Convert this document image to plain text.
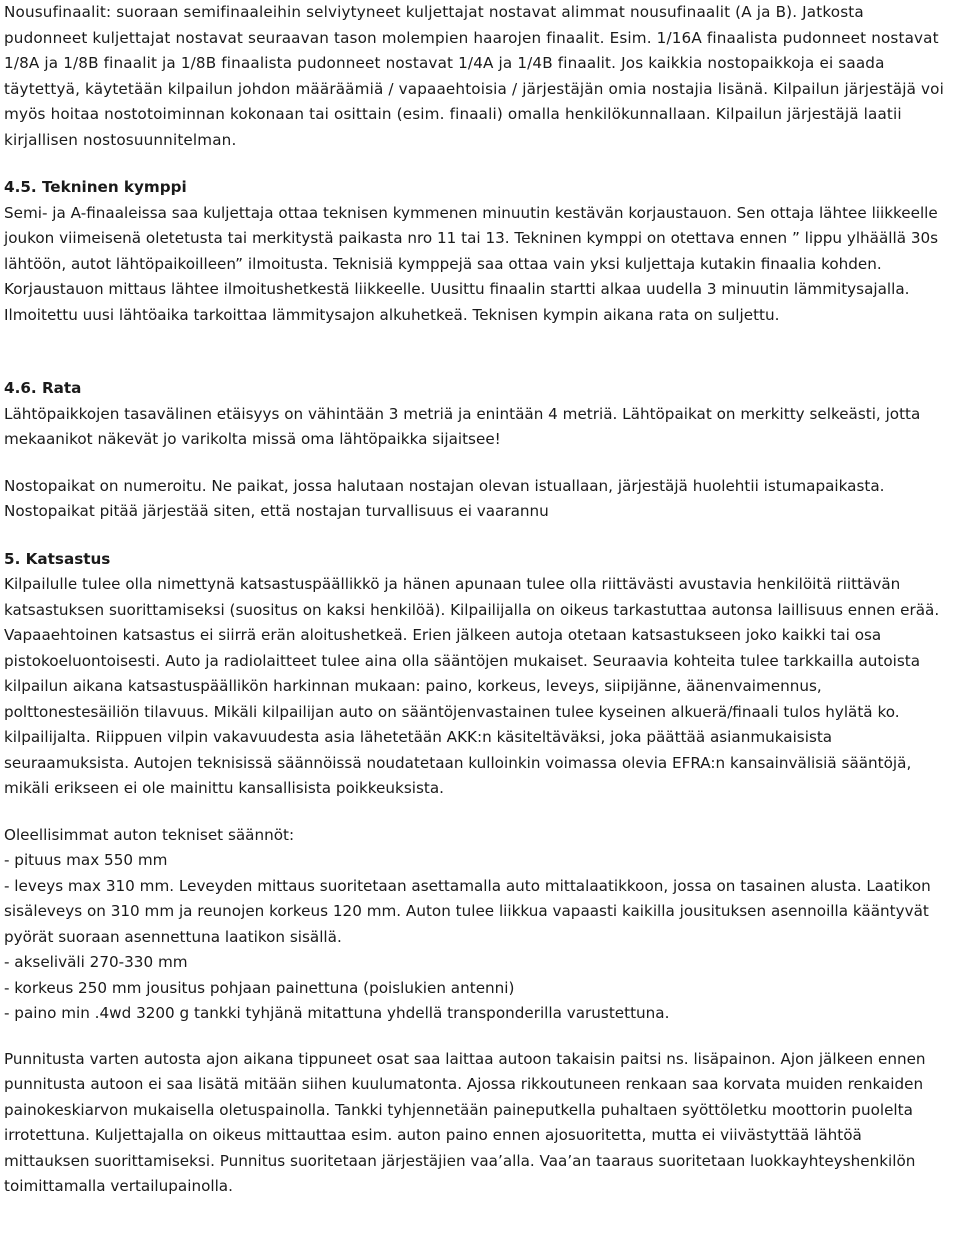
Nousufinaalit: suoraan semifinaaleihin selviytyneet kuljettajat nostavat alimmat nousufinaalit (A ja B). Jatkosta pudonneet kuljettajat nostavat seuraavan tason molempien haarojen finaalit. Esim. 1/16A finaalista pudonneet nostavat 1/8A ja 1/8B finaalit ja 1/8B finaalista pudonneet nostavat 1/4A ja 1/4B finaalit. Jos kaikkia nostopaikkoja ei saada täytettyä, käytetään kilpailun johdon määräämiä / vapaaehtoisia / järjestäjän omia nostajia lisänä. Kilpailun järjestäjä voi myös hoitaa nostotoiminnan kokonaan tai osittain (esim. finaali) omalla henkilökunnallaan. Kilpailun järjestäjä laatii kirjallisen nostosuunnitelman.

4.5. Tekninen kymppi

Semi- ja A-finaaleissa saa kuljettaja ottaa teknisen kymmenen minuutin kestävän korjaustauon. Sen ottaja lähtee liikkeelle joukon viimeisenä oletetusta tai merkitystä paikasta nro 11 tai 13. Tekninen kymppi on otettava ennen ” lippu ylhäällä 30s lähtöön, autot lähtöpaikoilleen” ilmoitusta. Teknisiä kymppejä saa ottaa vain yksi kuljettaja kutakin finaalia kohden. Korjaustauon mittaus lähtee ilmoitushetkestä liikkeelle. Uusittu finaalin startti alkaa uudella 3 minuutin lämmitysajalla. Ilmoitettu uusi lähtöaika tarkoittaa lämmitysajon alkuhetkeä. Teknisen kympin aikana rata on suljettu.

4.6. Rata

Lähtöpaikkojen tasavälinen etäisyys on vähintään 3 metriä ja enintään 4 metriä. Lähtöpaikat on merkitty selkeästi, jotta mekaanikot näkevät jo varikolta missä oma lähtöpaikka sijaitsee!

Nostopaikat on numeroitu. Ne paikat, jossa halutaan nostajan olevan istuallaan, järjestäjä huolehtii istumapaikasta. Nostopaikat pitää järjestää siten, että nostajan turvallisuus ei vaarannu

5. Katsastus

Kilpailulle tulee olla nimettynä katsastuspäällikkö ja hänen apunaan tulee olla riittävästi avustavia henkilöitä riittävän katsastuksen suorittamiseksi (suositus on kaksi henkilöä). Kilpailijalla on oikeus tarkastuttaa autonsa laillisuus ennen erää. Vapaaehtoinen katsastus ei siirrä erän aloitushetkeä. Erien jälkeen autoja otetaan katsastukseen joko kaikki tai osa pistokoeluontoisesti. Auto ja radiolaitteet tulee aina olla sääntöjen mukaiset. Seuraavia kohteita tulee tarkkailla autoista kilpailun aikana katsastuspäällikön harkinnan mukaan: paino, korkeus, leveys, siipijänne, äänenvaimennus, polttonestesäiliön tilavuus. Mikäli kilpailijan auto on sääntöjenvastainen tulee kyseinen alkuerä/finaali tulos hylätä ko. kilpailijalta. Riippuen vilpin vakavuudesta asia lähetetään AKK:n käsiteltäväksi, joka päättää asianmukaisista seuraamuksista. Autojen teknisissä säännöissä noudatetaan kulloinkin voimassa olevia EFRA:n kansainvälisiä sääntöjä, mikäli erikseen ei ole mainittu kansallisista poikkeuksista.

Oleellisimmat auton tekniset säännöt:

- pituus max 550 mm

- leveys max 310 mm. Leveyden mittaus suoritetaan asettamalla auto mittalaatikkoon, jossa on tasainen alusta. Laatikon sisäleveys on 310 mm ja reunojen korkeus 120 mm. Auton tulee liikkua vapaasti kaikilla jousituksen asennoilla kääntyvät pyörät suoraan asennettuna laatikon sisällä.

- akseliväli 270-330 mm

- korkeus 250 mm jousitus pohjaan painettuna (poislukien antenni)

- paino min .4wd 3200 g tankki tyhjänä mitattuna yhdellä transponderilla varustettuna.

Punnitusta varten autosta ajon aikana tippuneet osat saa laittaa autoon takaisin paitsi ns. lisäpainon. Ajon jälkeen ennen punnitusta autoon ei saa lisätä mitään siihen kuulumatonta. Ajossa rikkoutuneen renkaan saa korvata muiden renkaiden painokeskiarvon mukaisella oletuspainolla. Tankki tyhjennetään paineputkella puhaltaen syöttöletku moottorin puolelta irrotettuna. Kuljettajalla on oikeus mittauttaa esim. auton paino ennen ajosuoritetta, mutta ei viivästyttää lähtöä mittauksen suorittamiseksi. Punnitus suoritetaan järjestäjien vaa’alla. Vaa’an taaraus suoritetaan luokkayhteyshenkilön toimittamalla vertailupainolla.
